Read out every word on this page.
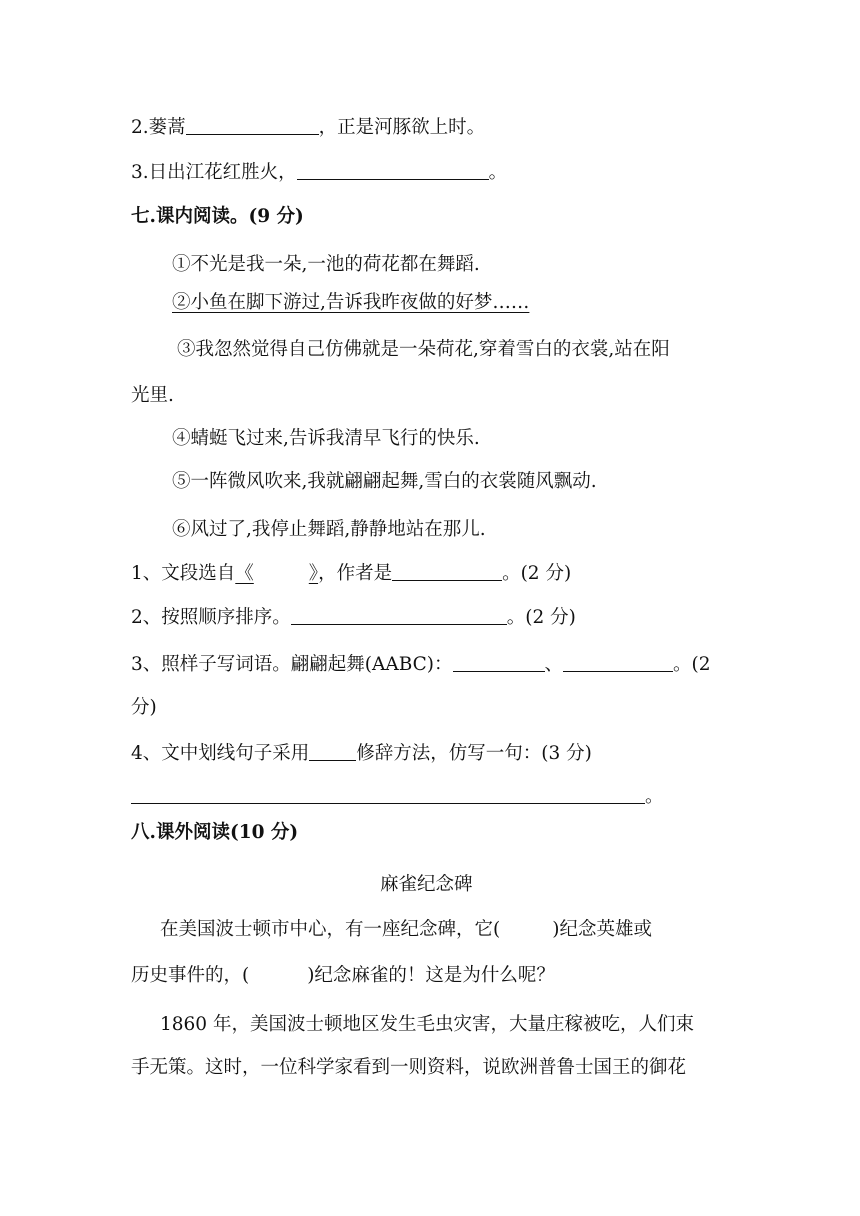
2.蒌蒿	，正是河豚欲上时。
3.日出江花红胜火，	。
七.课内阅读。(9 分)
①不光是我一朵,一池的荷花都在舞蹈.
②小鱼在脚下游过,告诉我昨夜做的好梦……
③我忽然觉得自己仿佛就是一朵荷花,穿着雪白的衣裳,站在阳
光里.
④蜻蜓飞过来,告诉我清早飞行的快乐.
⑤一阵微风吹来,我就翩翩起舞,雪白的衣裳随风飘动.
⑥风过了,我停止舞蹈,静静地站在那儿.
1、文段选自《	》，作者是	。(2 分)
2、按照顺序排序。	。(2 分)
3、照样子写词语。翩翩起舞(AABC)：	、	。(2
分)
4、文中划线句子采用	修辞方法，仿写一句：(3 分)
。
八.课外阅读(10 分)
麻雀纪念碑
在美国波士顿市中心，有一座纪念碑，它(	)纪念英雄或
历史事件的，(	)纪念麻雀的！这是为什么呢？
1860 年，美国波士顿地区发生毛虫灾害，大量庄稼被吃，人们束
手无策。这时，一位科学家看到一则资料，说欧洲普鲁士国王的御花
